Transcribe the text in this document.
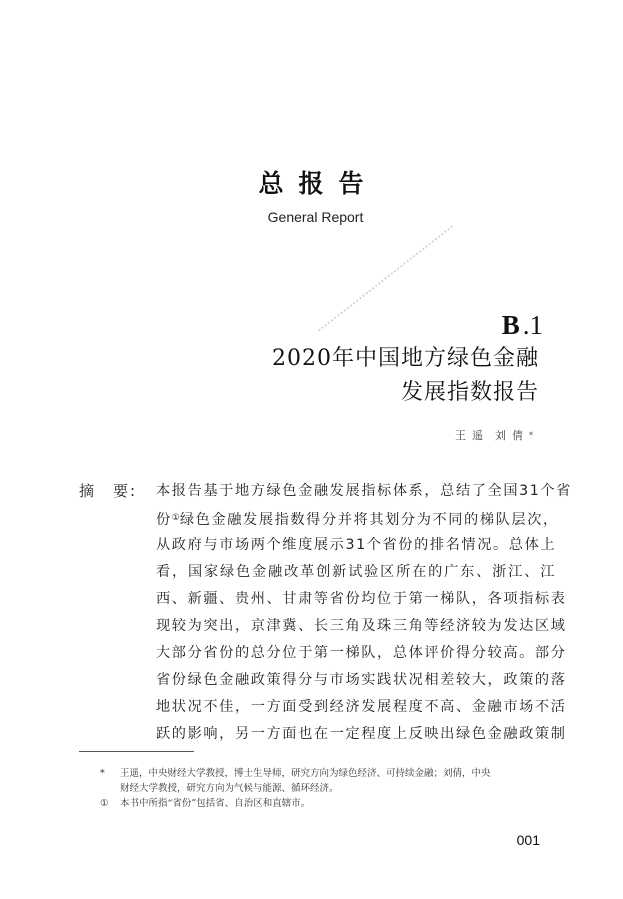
总报告
General Report
B .1
2020年中国地方绿色金融
发展指数报告
王遥 刘倩*
摘　要: 本报告基于地方绿色金融发展指标体系，总结了全国31个省
份①绿色金融发展指数得分并将其划分为不同的梯队层次，
从政府与市场两个维度展示31个省份的排名情况。总体上
看，国家绿色金融改革创新试验区所在的广东、浙江、江
西、新疆、贵州、甘肃等省份均位于第一梯队，各项指标表
现较为突出，京津冀、长三角及珠三角等经济较为发达区域
大部分省份的总分位于第一梯队，总体评价得分较高。部分
省份绿色金融政策得分与市场实践状况相差较大，政策的落
地状况不佳，一方面受到经济发展程度不高、金融市场不活
跃的影响，另一方面也在一定程度上反映出绿色金融政策制
* 王遥，中央财经大学教授，博士生导师，研究方向为绿色经济、可持续金融；刘倩，中央
财经大学教授，研究方向为气候与能源、循环经济。
① 本书中所指“省份”包括省、自治区和直辖市。
001
